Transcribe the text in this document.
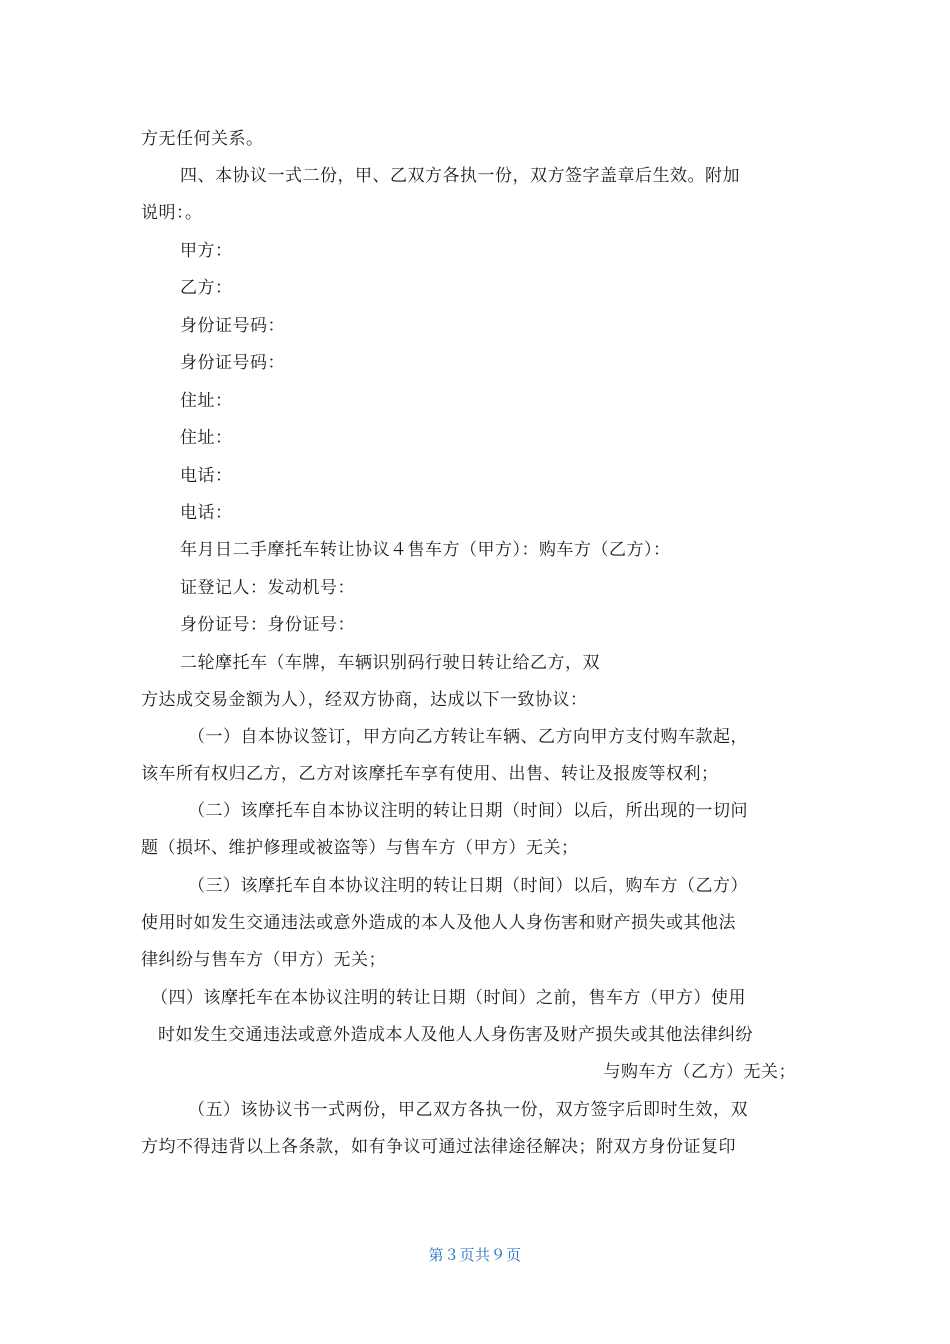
方无任何关系。
四、本协议一式二份，甲、乙双方各执一份，双方签字盖章后生效。附加
说明：。
甲方：
乙方：
身份证号码：
身份证号码：
住址：
住址：
电话：
电话：
年月日二手摩托车转让协议４售车方（甲方）：购车方（乙方）：
证登记人：发动机号：
身份证号：身份证号：
二轮摩托车（车牌，车辆识别码行驶日转让给乙方，双
方达成交易金额为人），经双方协商，达成以下一致协议：
（一）自本协议签订，甲方向乙方转让车辆、乙方向甲方支付购车款起，
该车所有权归乙方，乙方对该摩托车享有使用、出售、转让及报废等权利；
（二）该摩托车自本协议注明的转让日期（时间）以后，所出现的一切问
题（损坏、维护修理或被盗等）与售车方（甲方）无关；
（三）该摩托车自本协议注明的转让日期（时间）以后，购车方（乙方）
使用时如发生交通违法或意外造成的本人及他人人身伤害和财产损失或其他法
律纠纷与售车方（甲方）无关；
（四）该摩托车在本协议注明的转让日期（时间）之前，售车方（甲方）使用
时如发生交通违法或意外造成本人及他人人身伤害及财产损失或其他法律纠纷
与购车方（乙方）无关；
（五）该协议书一式两份，甲乙双方各执一份，双方签字后即时生效，双
方均不得违背以上各条款，如有争议可通过法律途径解决；附双方身份证复印
第３页共９页
